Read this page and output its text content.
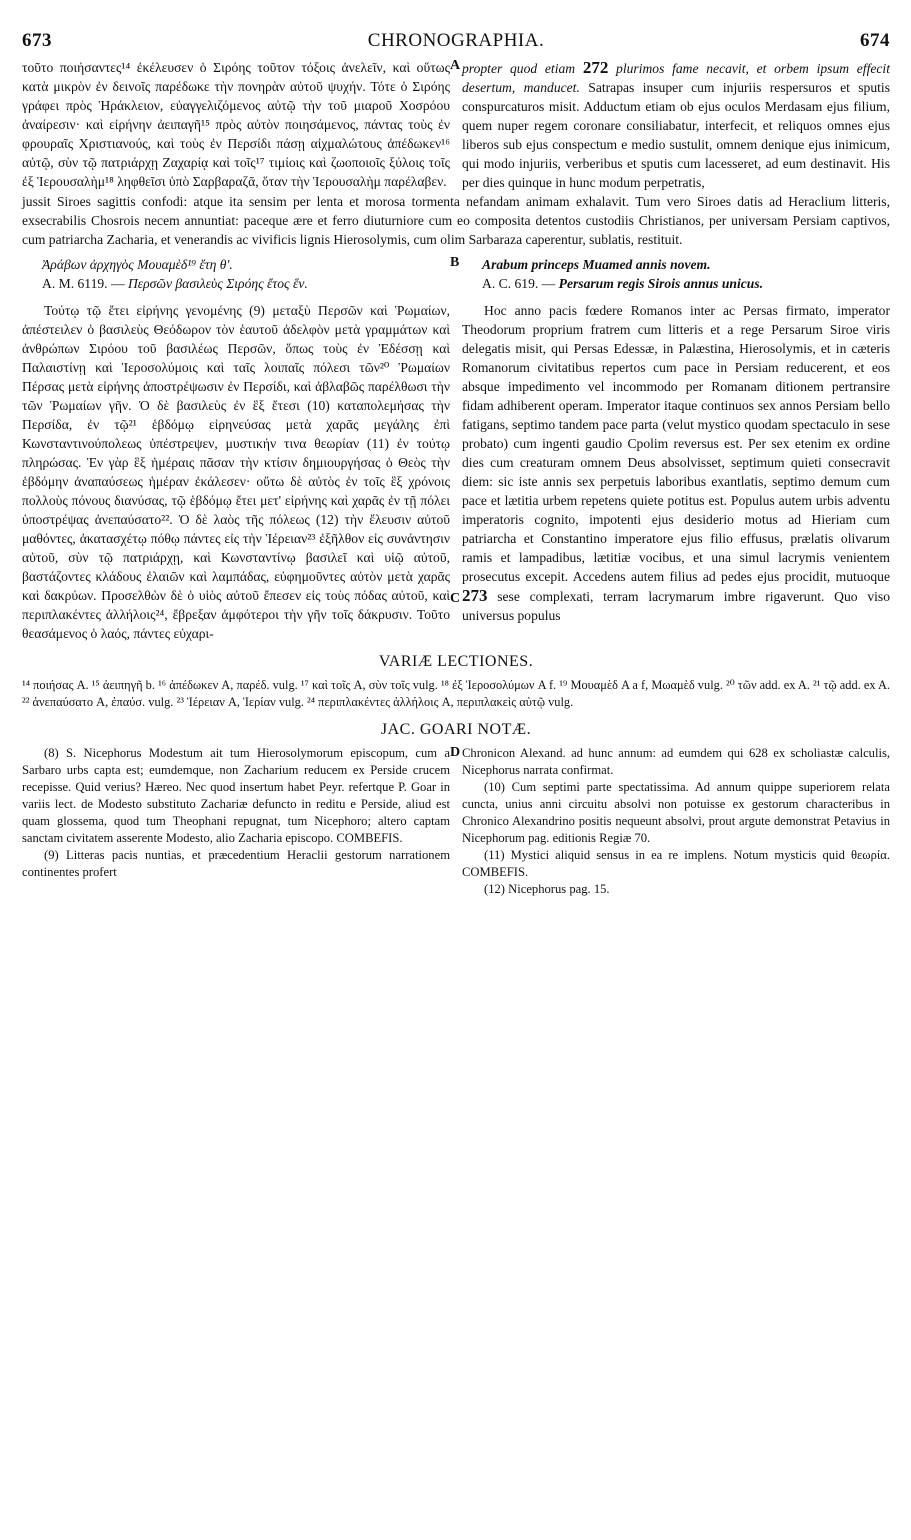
673	CHRONOGRAPHIA.	674

τοῦτο ποιήσαντες¹⁴ ἐκέλευσεν ὁ Σιρόης τοῦτον τόξοις ἀνελεῖν, καὶ οὕτως κατὰ μικρὸν ἐν δεινοῖς παρέδωκε τὴν πονηρὰν αὐτοῦ ψυχήν. Τότε ὁ Σιρόης γράφει πρὸς Ἡράκλειον, εὐαγγελιζόμενος αὐτῷ τὴν τοῦ μιαροῦ Χοσρόου ἀναίρεσιν· καὶ εἰρήνην ἀειπαγῆ¹⁵ πρὸς αὐτὸν ποιησάμενος, πάντας τοὺς ἐν φρουραῖς Χριστιανούς, καὶ τοὺς ἐν Περσίδι πάσῃ αἰχμαλώτους ἀπέδωκεν¹⁶ αὐτῷ, σὺν τῷ πατριάρχῃ Ζαχαρίᾳ καὶ τοῖς¹⁷ τιμίοις καὶ ζωοποιοῖς ξύλοις τοῖς ἐξ Ἱερουσαλὴμ¹⁸ ληφθεῖσι ὑπὸ Σαρβαραζᾶ, ὅταν τὴν Ἱερουσαλὴμ παρέλαβεν.

A propter quod etiam 272 plurimos fame necavit, et orbem ipsum effecit desertum, manducet. Satrapas insuper cum injuriis respersuros et sputis conspurcaturos misit. Adductum etiam ob ejus oculos Merdasam ejus filium, quem nuper regem coronare consiliabatur, interfecit, et reliquos omnes ejus liberos sub ejus conspectum e medio sustulit, omnem denique ejus inimicum, qui modo injuriis, verberibus et sputis cum lacesseret, ad eum destinavit. His per dies quinque in hunc modum perpetratis,

jussit Siroes sagittis confodi: atque ita sensim per lenta et morosa tormenta nefandam animam exhalavit. Tum vero Siroes datis ad Heraclium litteris, exsecrabilis Chosrois necem annuntiat: paceque ære et ferro diuturniore cum eo composita detentos custodiis Christianos, per universam Persiam captivos, cum patriarcha Zacharia, et venerandis ac vivificis lignis Hierosolymis, cum olim Sarbaraza caperentur, sublatis, restituit.

Ἀράβων ἀρχηγὸς Μουαμὲδ¹⁹ ἔτη θ'.

A. M. 6119. — Περσῶν βασιλεὺς Σιρόης ἔτος ἕν.

B	Arabum princeps Muamed annis novem.

A. C. 619. — Persarum regis Sirois annus unicus.

Τούτῳ τῷ ἔτει εἰρήνης γενομένης (9) μεταξὺ Περσῶν καὶ Ῥωμαίων, ἀπέστειλεν ὁ βασιλεὺς Θεόδωρον τὸν ἑαυτοῦ ἀδελφὸν μετὰ γραμμάτων καὶ ἀνθρώπων Σιρόου τοῦ βασιλέως Περσῶν, ὅπως τοὺς ἐν Ἐδέσσῃ καὶ Παλαιστίνῃ καὶ Ἱεροσολύμοις καὶ ταῖς λοιπαῖς πόλεσι τῶν²⁰ Ῥωμαίων Πέρσας μετὰ εἰρήνης ἀποστρέψωσιν ἐν Περσίδι, καὶ ἀβλαβῶς παρέλθωσι τὴν τῶν Ῥωμαίων γῆν. Ὁ δὲ βασιλεὺς ἐν ἓξ ἔτεσι (10) καταπολεμήσας τὴν Περσίδα, ἐν τῷ²¹ ἑβδόμῳ εἰρηνεύσας μετὰ χαρᾶς μεγάλης ἐπὶ Κωνσταντινούπολεως ὑπέστρεψεν, μυστικήν τινα θεωρίαν (11) ἐν τούτῳ πληρώσας. Ἐν γὰρ ἓξ ἡμέραις πᾶσαν τὴν κτίσιν δημιουργήσας ὁ Θεὸς τὴν ἑβδόμην ἀναπαύσεως ἡμέραν ἐκάλεσεν· οὕτω δὲ αὐτὸς ἐν τοῖς ἓξ χρόνοις πολλοὺς πόνους διανύσας, τῷ ἑβδόμῳ ἔτει μετ' εἰρήνης καὶ χαρᾶς ἐν τῇ πόλει ὑποστρέψας ἀνεπαύσατο²². Ὁ δὲ λαὸς τῆς πόλεως (12) τὴν ἔλευσιν αὐτοῦ μαθόντες, ἀκατασχέτῳ πόθῳ πάντες εἰς τὴν Ἱέρειαν²³ ἐξῆλθον εἰς συνάντησιν αὐτοῦ, σὺν τῷ πατριάρχῃ, καὶ Κωνσταντίνῳ βασιλεῖ καὶ υἱῷ αὐτοῦ, βαστάζοντες κλάδους ἐλαιῶν καὶ λαμπάδας, εὐφημοῦντες αὐτὸν μετὰ χαρᾶς καὶ δακρύων. Προσελθὼν δὲ ὁ υἱὸς αὐτοῦ ἔπεσεν εἰς τοὺς πόδας αὐτοῦ, καὶ περιπλακέντες ἀλλήλοις²⁴, ἔβρεξαν ἀμφότεροι τὴν γῆν τοῖς δάκρυσιν. Τοῦτο θεασάμενος ὁ λαός, πάντες εὐχαρι-

C

Hoc anno pacis fœdere Romanos inter ac Persas firmato, imperator Theodorum proprium fratrem cum litteris et a rege Persarum Siroe viris delegatis misit, qui Persas Edessæ, in Palæstina, Hierosolymis, et in cæteris Romanorum civitatibus repertos cum pace in Persiam reducerent, et eos absque impedimento vel incommodo per Romanam ditionem pertransire fidam adhiberent operam. Imperator itaque continuos sex annos Persiam bello fatigans, septimo tandem pace parta (velut mystico quodam spectaculo in sese probato) cum ingenti gaudio Cpolim reversus est. Per sex etenim ex ordine dies cum creaturam omnem Deus absolvisset, septimum quieti consecravit diem: sic iste annis sex perpetuis laboribus exantlatis, septimo demum cum pace et lætitia urbem repetens quiete potitus est. Populus autem urbis adventu imperatoris cognito, impotenti ejus desiderio motus ad Hieriam cum patriarcha et Constantino imperatore ejus filio effusus, prælatis olivarum ramis et lampadibus, lætitiæ vocibus, et una simul lacrymis venientem prosecutus excepit. Accedens autem filius ad pedes ejus procidit, mutuoque 273 sese complexati, terram lacrymarum imbre rigaverunt. Quo viso universus populus

VARIÆ LECTIONES.

¹⁴ ποιήσας A. ¹⁵ ἀειπηγῆ b. ¹⁶ ἀπέδωκεν A, παρέδ. vulg. ¹⁷ καὶ τοῖς A, σὺν τοῖς vulg. ¹⁸ ἐξ Ἱεροσολύμων A f. ¹⁹ Μουαμὲδ A a f, Μωαμὲδ vulg. ²⁰ τῶν add. ex A. ²¹ τῷ add. ex A. ²² ἀνεπαύσατο A, ἐπαύσ. vulg. ²³ Ἱέρειαν A, Ἱερίαν vulg. ²⁴ περιπλακέντες ἀλλήλοις A, περιπλακεὶς αὐτῷ vulg.

JAC. GOARI NOTÆ.

(8) S. Nicephorus Modestum ait tum Hierosolymorum episcopum, cum a Sarbaro urbs capta est; eumdemque, non Zacharium reducem ex Perside crucem recepisse. Quid verius? Hæreo. Nec quod insertum habet Peyr. refertque P. Goar in variis lect. de Modesto substituto Zachariæ defuncto in reditu e Perside, aliud est quam glossema, quod tum Theophani repugnat, tum Nicephoro; altero captam sanctam civitatem asserente Modesto, alio Zacharia episcopo. COMBEFIS.

(9) Litteras pacis nuntias, et præcedentium Heraclii gestorum narrationem continentes profert

D Chronicon Alexand. ad hunc annum: ad eumdem qui 628 ex scholiastæ calculis, Nicephorus narrata confirmat.

(10) Cum septimi parte spectatissima. Ad annum quippe superiorem relata cuncta, unius anni circuitu absolvi non potuisse ex gestorum characteribus in Chronico Alexandrino positis nequeunt absolvi, prout argute demonstrat Petavius in Nicephorum pag. editionis Regiæ 70.

(11) Mystici aliquid sensus in ea re implens. Notum mysticis quid θεωρία. COMBEFIS.

(12) Nicephorus pag. 15.
